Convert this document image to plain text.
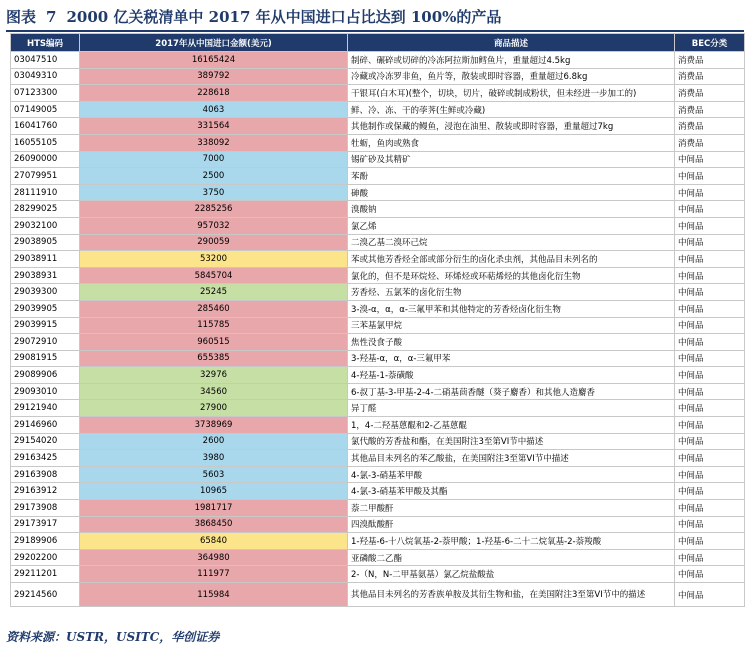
图表 7 2000 亿关税清单中 2017 年从中国进口占比达到 100%的产品
HTS编码	2017年从中国进口金额(美元)	商品描述	BEC分类
03047510	16165424	制碎、碾碎或切碎的冷冻阿拉斯加鳕鱼片，重量超过4.5kg	消费品
03049310	389792	冷藏或冷冻罗非鱼，鱼片等，散装或即时容器，重量超过6.8kg	消费品
07123300	228618	干银耳(白木耳)(整个，切块，切片，破碎或制成粉状，但未经进一步加工的)	消费品
07149005	4063	鲜、冷、冻、干的荸荠(生鲜或冷藏)	消费品
16041760	331564	其他制作或保藏的鳗鱼，浸泡在油里、散装或即时容器，重量超过7kg	消费品
16055105	338092	牡蛎，鱼肉或熟食	消费品
26090000	7000	锡矿砂及其精矿	中间品
27079951	2500	苯酚	中间品
28111910	3750	砷酸	中间品
28299025	2285256	溴酸钠	中间品
29032100	957032	氯乙烯	中间品
29038905	290059	二溴乙基二溴环己烷	中间品
29038911	53200	苯或其他芳香烃全部或部分衍生的卤化杀虫剂，其他品目未列名的	中间品
29038931	5845704	氯化的，但不是环烷烃、环烯烃或环萜烯烃的其他卤化衍生物	中间品
29039300	25245	芳香烃、五氯苯的卤化衍生物	中间品
29039905	285460	3-溴-α，α，α-三氟甲苯和其他特定的芳香烃卤化衍生物	中间品
29039915	115785	三苯基氯甲烷	中间品
29072910	960515	焦性没食子酸	中间品
29081915	655385	3-羟基-α，α，α-三氟甲苯	中间品
29089906	32976	4-羟基-1-萘磺酸	中间品
29093010	34560	6-叔丁基-3-甲基-2-4-二硝基茴香醚（葵子麝香）和其他人造麝香	中间品
29121940	27900	异丁醛	中间品
29146960	3738969	1，4-二羟基蒽醌和2-乙基蒽醌	中间品
29154020	2600	氯代酸的芳香盐和酯，在美国附注3至第VI节中描述	中间品
29163425	3980	其他品目未列名的苯乙酸盐，在美国附注3至第VI节中描述	中间品
29163908	5603	4-氯-3-硝基苯甲酸	中间品
29163912	10965	4-氯-3-硝基苯甲酸及其酯	中间品
29173908	1981717	萘二甲酸酐	中间品
29173917	3868450	四溴酞酸酐	中间品
29189906	65840	1-羟基-6-十八烷氧基-2-萘甲酸；1-羟基-6-二十二烷氧基-2-萘羧酸	中间品
29202200	364980	亚磷酸二乙酯	中间品
29211201	111977	2-（N，N-二甲基氨基）氯乙烷盐酸盐	中间品
29214560	115984	其他品目未列名的芳香族单胺及其衍生物和盐，在美国附注3至第VI节中的描述	中间品
资料来源：USTR，USITC，华创证券
